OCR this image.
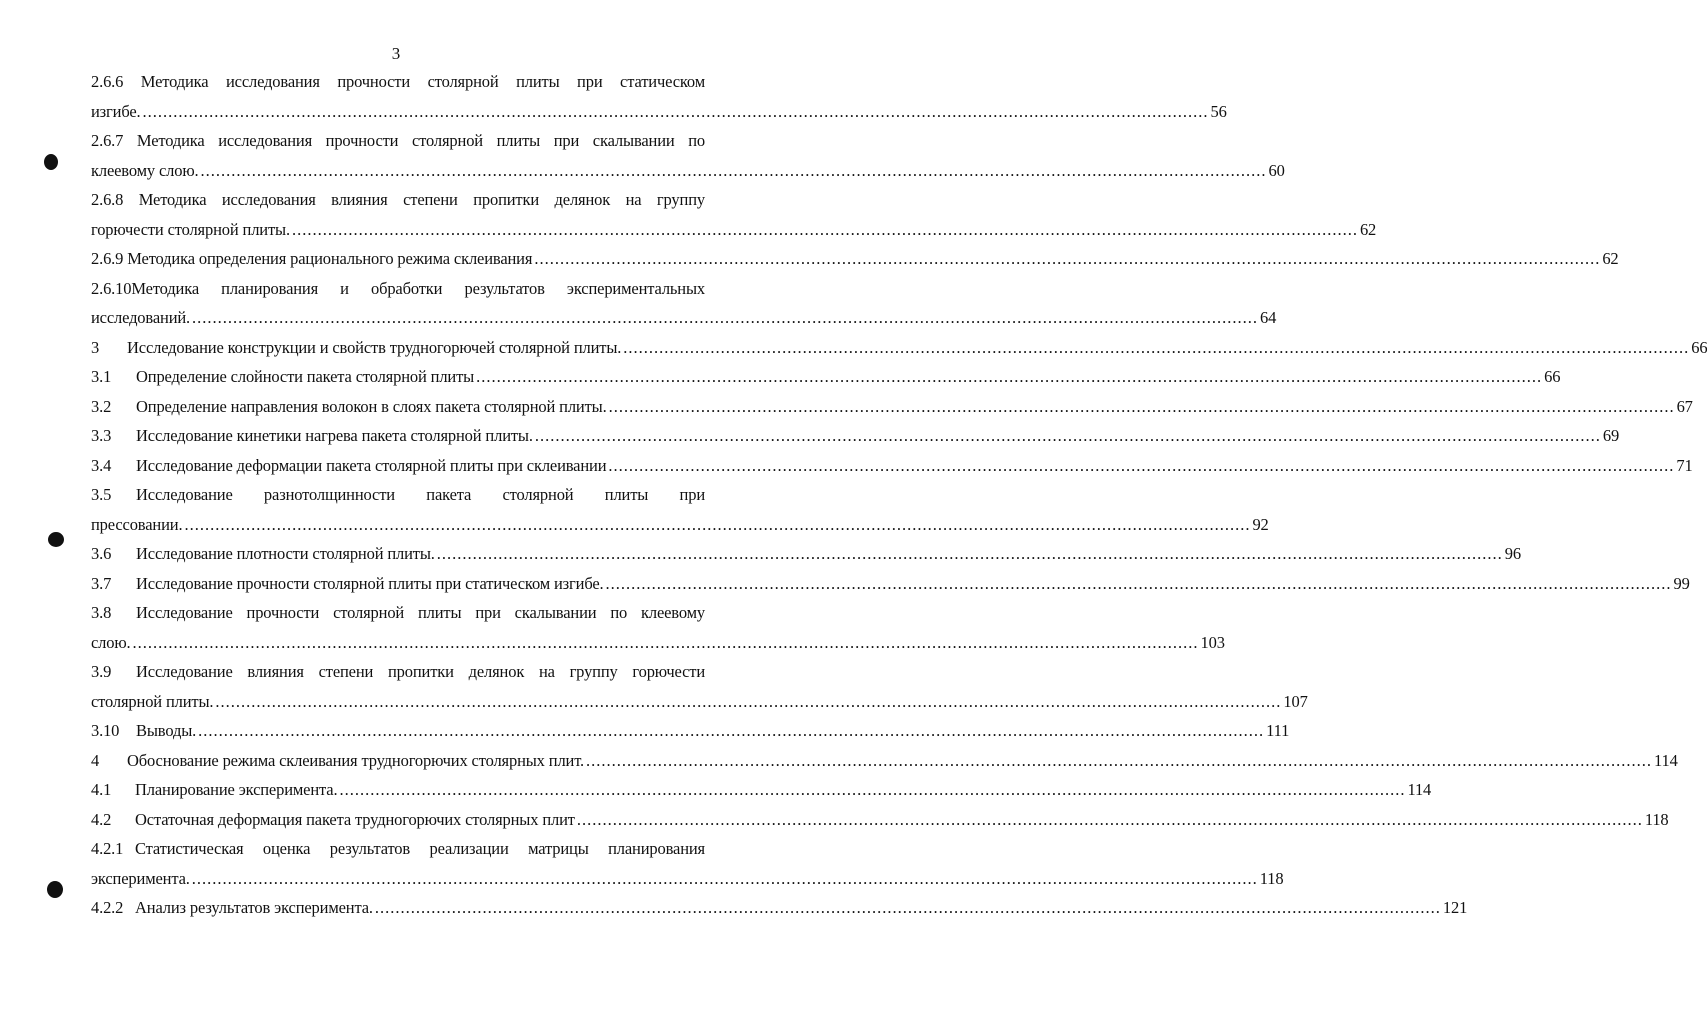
3
2.6.6 Методика исследования прочности столярной плиты при статическом
изгибе. .....	56
2.6.7 Методика исследования прочности столярной плиты при скалывании по
клеевому слою. .....	60
2.6.8 Методика исследования влияния степени пропитки делянок на группу
горючести столярной плиты. .....	62
2.6.9 Методика определения рационального режима склеивания .....	62
2.6.10Методика планирования и обработки результатов экспериментальных
исследований. .....	64
3	Исследование конструкции и свойств трудногорючей столярной плиты. .....	66
3.1	Определение слойности пакета столярной плиты .....	66
3.2	Определение направления волокон в слоях пакета столярной плиты. .....	67
3.3	Исследование кинетики нагрева пакета столярной плиты. .....	69
3.4	Исследование деформации пакета столярной плиты при склеивании .....	71
3.5	Исследование разнотолщинности пакета столярной плиты при
прессовании. .....	92
3.6	Исследование плотности столярной плиты. .....	96
3.7	Исследование прочности столярной плиты при статическом изгибе. .....	99
3.8	Исследование прочности столярной плиты при скалывании по клеевому
слою. .....	103
3.9	Исследование влияния степени пропитки делянок на группу горючести
столярной плиты. .....	107
3.10	Выводы. .....	111
4	Обоснование режима склеивания трудногорючих столярных плит. .....	114
4.1	Планирование эксперимента. .....	114
4.2	Остаточная деформация пакета трудногорючих столярных плит .....	118
4.2.1 Статистическая оценка результатов реализации матрицы планирования
эксперимента. .....	118
4.2.2 Анализ результатов эксперимента. .....	121
